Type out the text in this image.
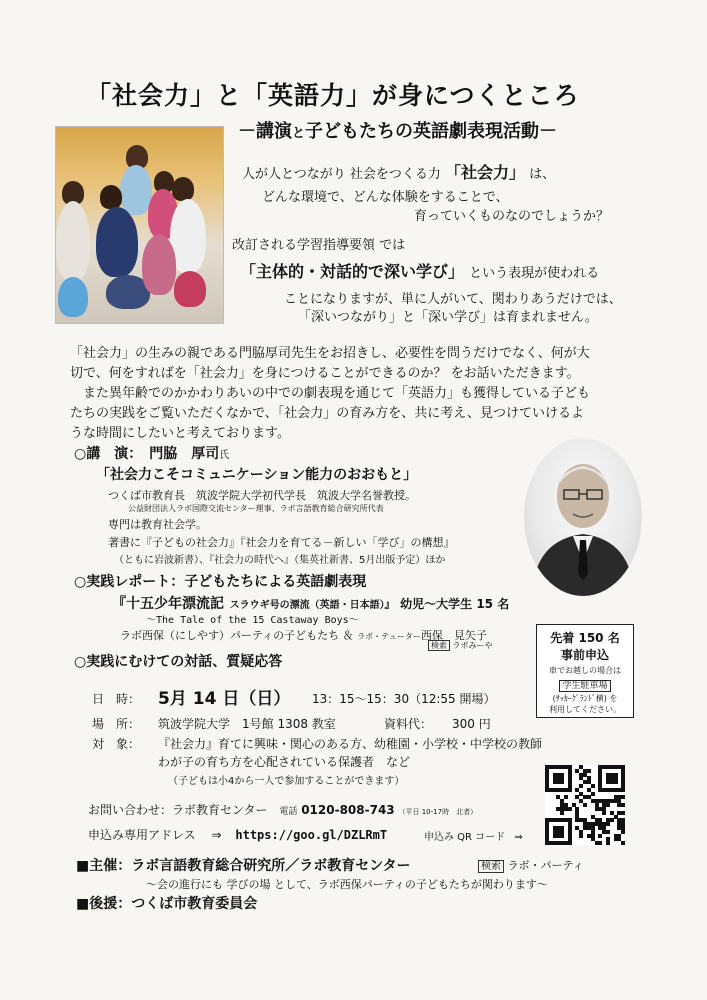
「社会力」と「英語力」が身につくところ
－講演と子どもたちの英語劇表現活動－
人が人とつながり 社会をつくる力 「社会力」 は、
どんな環境で、どんな体験をすることで、
育っていくものなのでしょうか？
改訂される学習指導要領 では
「主体的・対話的で深い学び」 という表現が使われる
ことになりますが、単に人がいて、関わりあうだけでは、
「深いつながり」と「深い学び」は育まれません。

「社会力」の生みの親である門脇厚司先生をお招きし、必要性を問うだけでなく、何が大

切で、何をすればを「社会力」を身につけることができるのか？ をお話いただきます。

　また異年齢でのかかわりあいの中での劇表現を通じて「英語力」も獲得している子ども

たちの実践をご覧いただくなかで、「社会力」の育み方を、共に考え、見つけていけるよ

うな時間にしたいと考えております。

○講　演：　門脇　厚司氏
「社会力こそコミュニケーション能力のおおもと」
つくば市教育長　筑波学院大学初代学長　筑波大学名誉教授。
公益財団法人ラボ国際交流センター理事、ラボ言語教育総合研究所代表
専門は教育社会学。
著書に『子どもの社会力』『社会力を育てる－新しい「学び」の構想』
（ともに岩波新書）、『社会力の時代へ』（集英社新書、5月出版予定）ほか
○実践レポート：子どもたちによる英語劇表現
『十五少年漂流記 スラウギ号の漂流（英語・日本語）』 幼児～大学生 15 名
～The Tale of the 15 Castaway Boys～
ラボ西保（にしやす）パーティの子どもたち ＆ ラボ・テューター西保　見矢子
検索 ラボみーや
○実践にむけての対話、質疑応答
先着 150 名
事前申込
車でお越しの場合は
学生駐車場
(ｻｯｶｰｸﾞﾗﾝﾄﾞ横) を
利用してください。
日　時： 5月 14 日（日） 13：15～15：30（12:55 開場）
場　所： 筑波学院大学　1号館 1308 教室	資料代： 300 円
対　象： 『社会力』育てに興味・関心のある方、幼稚園・小学校・中学校の教師
わが子の育ち方を心配されている保護者　など
（子どもは小4から一人で参加することができます）
お問い合わせ：ラボ教育センター 電話 0120-808-743 （平日 10-17時　北者）
申込み専用アドレス ⇒ https://goo.gl/DZLRmT	申込み QR コード ⇒
■主催：ラボ言語教育総合研究所／ラボ教育センター	検索 ラボ・パーティ
～会の進行にも 学びの場 として、ラボ西保パーティの子どもたちが関わります～
■後援：つくば市教育委員会
